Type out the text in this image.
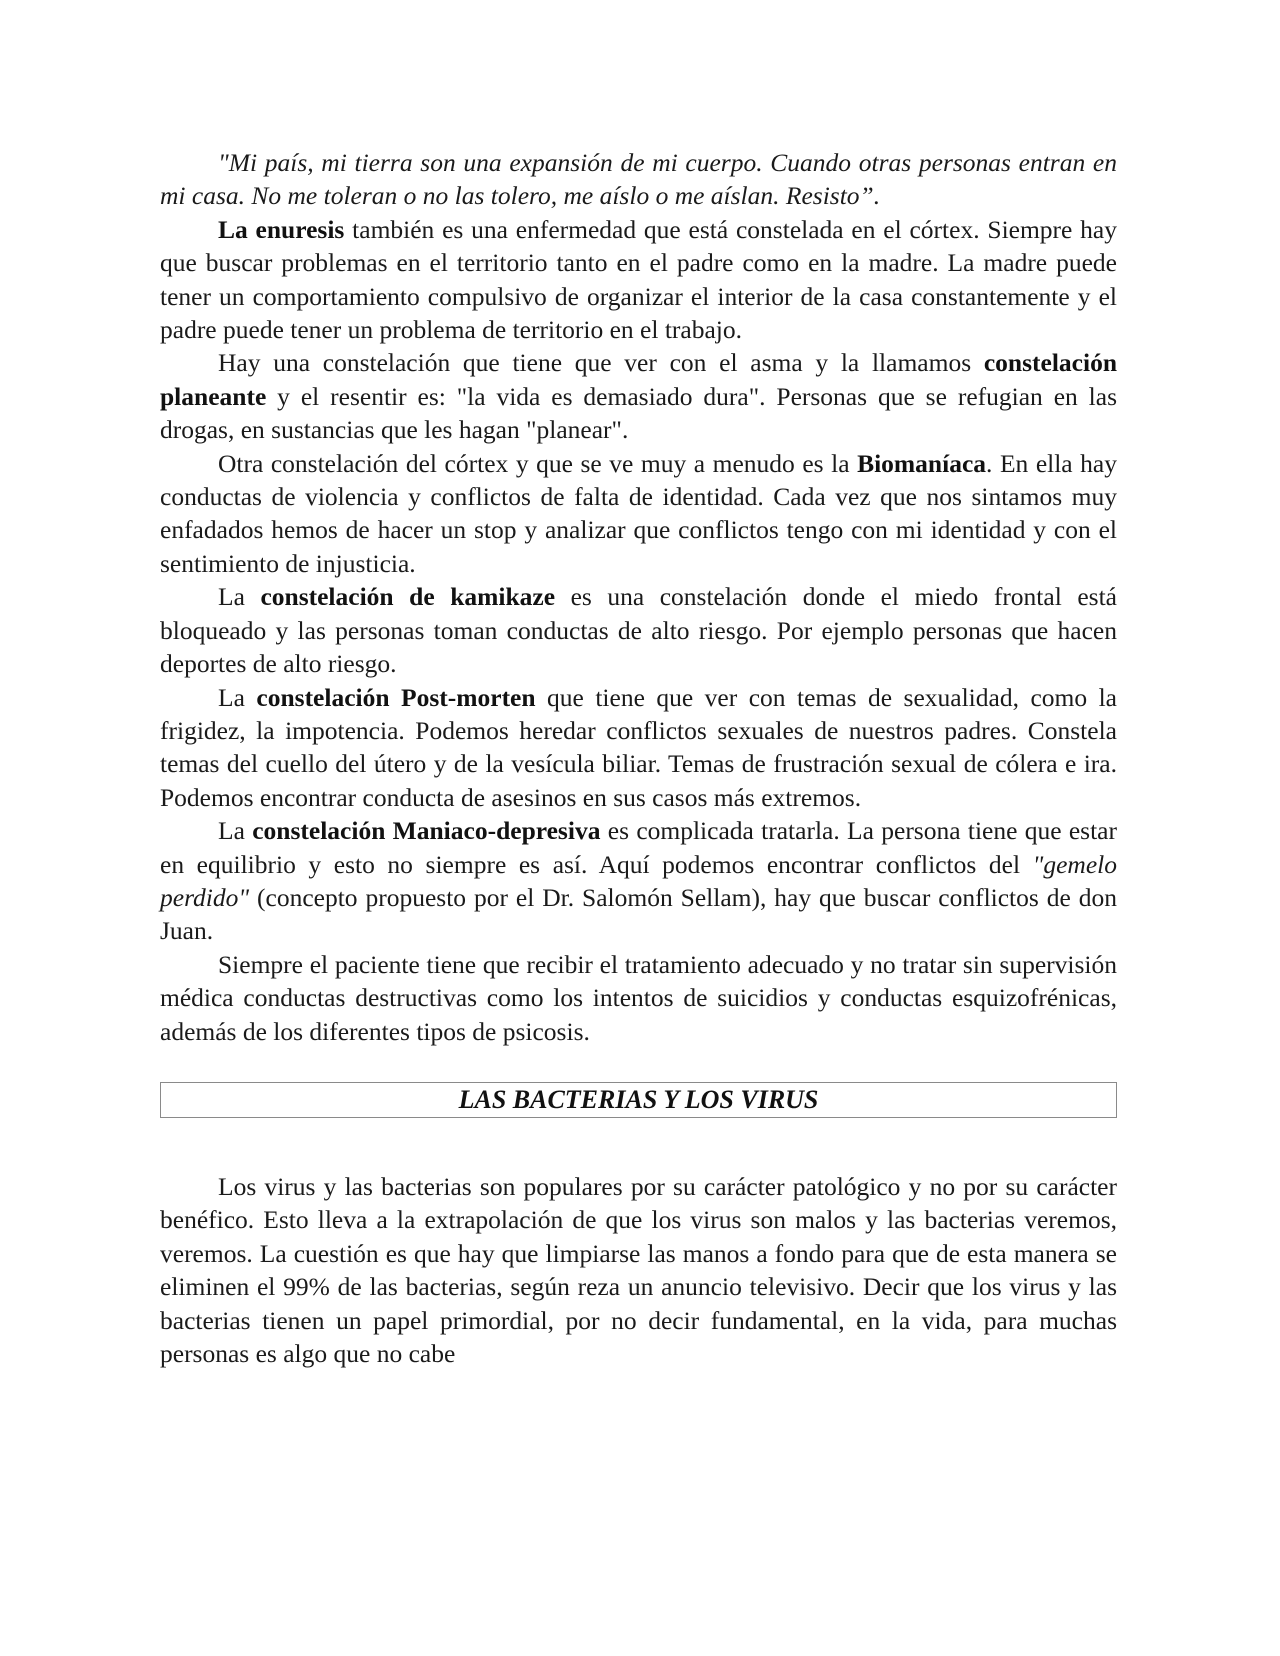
"Mi país, mi tierra son una expansión de mi cuerpo. Cuando otras personas entran en mi casa. No me toleran o no las tolero, me aíslo o me aíslan. Resisto”.

La enuresis también es una enfermedad que está constelada en el córtex. Siempre hay que buscar problemas en el territorio tanto en el padre como en la madre. La madre puede tener un comportamiento compulsivo de organizar el interior de la casa constantemente y el padre puede tener un problema de territorio en el trabajo.

Hay una constelación que tiene que ver con el asma y la llamamos constelación planeante y el resentir es: "la vida es demasiado dura". Personas que se refugian en las drogas, en sustancias que les hagan "planear".

Otra constelación del córtex y que se ve muy a menudo es la Biomaníaca. En ella hay conductas de violencia y conflictos de falta de identidad. Cada vez que nos sintamos muy enfadados hemos de hacer un stop y analizar que conflictos tengo con mi identidad y con el sentimiento de injusticia.

La constelación de kamikaze es una constelación donde el miedo frontal está bloqueado y las personas toman conductas de alto riesgo. Por ejemplo personas que hacen deportes de alto riesgo.

La constelación Post-morten que tiene que ver con temas de sexualidad, como la frigidez, la impotencia. Podemos heredar conflictos sexuales de nuestros padres. Constela temas del cuello del útero y de la vesícula biliar. Temas de frustración sexual de cólera e ira. Podemos encontrar conducta de asesinos en sus casos más extremos.

La constelación Maniaco-depresiva es complicada tratarla. La persona tiene que estar en equilibrio y esto no siempre es así. Aquí podemos encontrar conflictos del "gemelo perdido" (concepto propuesto por el Dr. Salomón Sellam), hay que buscar conflictos de don Juan.

Siempre el paciente tiene que recibir el tratamiento adecuado y no tratar sin supervisión médica conductas destructivas como los intentos de suicidios y conductas esquizofrénicas, además de los diferentes tipos de psicosis.

LAS BACTERIAS Y LOS VIRUS

Los virus y las bacterias son populares por su carácter patológico y no por su carácter benéfico. Esto lleva a la extrapolación de que los virus son malos y las bacterias veremos, veremos. La cuestión es que hay que limpiarse las manos a fondo para que de esta manera se eliminen el 99% de las bacterias, según reza un anuncio televisivo. Decir que los virus y las bacterias tienen un papel primordial, por no decir fundamental, en la vida, para muchas personas es algo que no cabe
